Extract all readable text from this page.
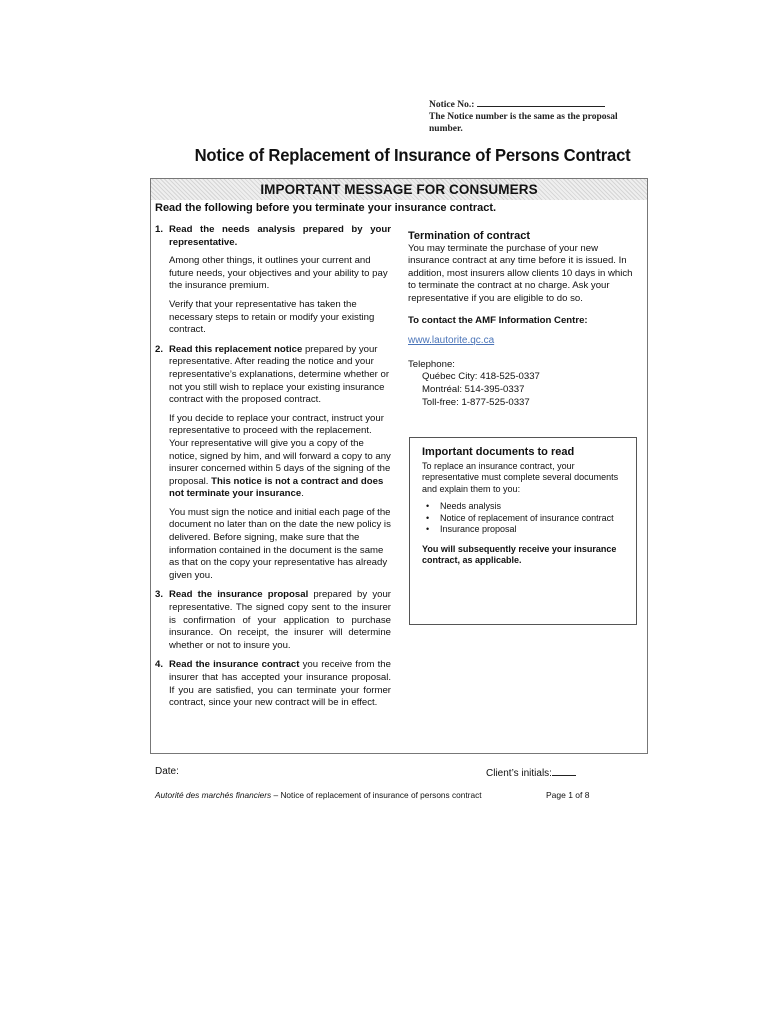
Notice No.:
The Notice number is the same as the proposal number.
Notice of Replacement of Insurance of Persons Contract
IMPORTANT MESSAGE FOR CONSUMERS
Read the following before you terminate your insurance contract.
1. Read the needs analysis prepared by your representative.

Among other things, it outlines your current and future needs, your objectives and your ability to pay the insurance premium.

Verify that your representative has taken the necessary steps to retain or modify your existing contract.

2. Read this replacement notice prepared by your representative. After reading the notice and your representative’s explanations, determine whether or not you still wish to replace your existing insurance contract with the proposed contract.

If you decide to replace your contract, instruct your representative to proceed with the replacement. Your representative will give you a copy of the notice, signed by him, and will forward a copy to any insurer concerned within 5 days of the signing of the proposal. This notice is not a contract and does not terminate your insurance.

You must sign the notice and initial each page of the document no later than on the date the new policy is delivered. Before signing, make sure that the information contained in the document is the same as that on the copy your representative has already given you.

3. Read the insurance proposal prepared by your representative. The signed copy sent to the insurer is confirmation of your application to purchase insurance. On receipt, the insurer will determine whether or not to insure you.

4. Read the insurance contract you receive from the insurer that has accepted your insurance proposal. If you are satisfied, you can terminate your former contract, since your new contract will be in effect.

Termination of contract

You may terminate the purchase of your new insurance contract at any time before it is issued. In addition, most insurers allow clients 10 days in which to terminate the contract at no charge. Ask your representative if you are eligible to do so.

To contact the AMF Information Centre:

www.lautorite.qc.ca

Telephone:

Québec City: 418-525-0337

Montréal: 514-395-0337

Toll-free: 1-877-525-0337

Important documents to read
To replace an insurance contract, your representative must complete several documents and explain them to you:
• Needs analysis
• Notice of replacement of insurance contract
• Insurance proposal
You will subsequently receive your insurance contract, as applicable.
Date:	Client’s initials:
Autorité des marchés financiers – Notice of replacement of insurance of persons contract	Page 1 of 8
